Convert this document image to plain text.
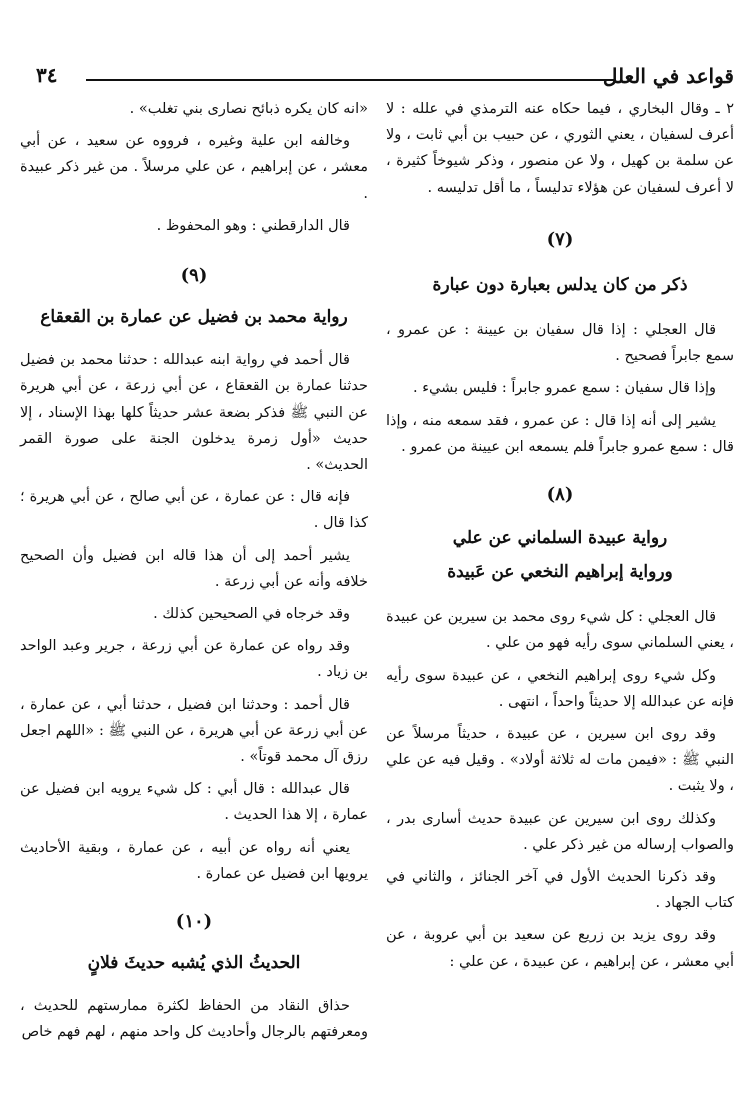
قواعد في العلل
٣٤

٢ ـ وقال البخاري ، فيما حكاه عنه الترمذي في علله : لا أعرف لسفيان ، يعني الثوري ، عن حبيب بن أبي ثابت ، ولا عن سلمة بن كهيل ، ولا عن منصور ، وذكر شيوخاً كثيرة ، لا أعرف لسفيان عن هؤلاء تدليساً ، ما أقل تدليسه .

(٧)

ذكر من كان يدلس بعبارة دون عبارة

قال العجلي : إذا قال سفيان بن عيينة : عن عمرو ، سمع جابراً فصحيح .

وإذا قال سفيان : سمع عمرو جابراً : فليس بشيء .

يشير إلى أنه إذا قال : عن عمرو ، فقد سمعه منه ، وإذا قال : سمع عمرو جابراً فلم يسمعه ابن عيينة من عمرو .

(٨)

رواية عبيدة السلماني عن علي

ورواية إبراهيم النخعي عن عَبيدة

قال العجلي : كل شيء روى محمد بن سيرين عن عبيدة ، يعني السلماني سوى رأيه فهو من علي .

وكل شيء روى إبراهيم النخعي ، عن عبيدة سوى رأيه فإنه عن عبدالله إلا حديثاً واحداً ، انتهى .

وقد روى ابن سيرين ، عن عبيدة ، حديثاً مرسلاً عن النبي ﷺ : «فيمن مات له ثلاثة أولاد» . وقيل فيه عن علي ، ولا يثبت .

وكذلك روى ابن سيرين عن عبيدة حديث أسارى بدر ، والصواب إرساله من غير ذكر علي .

وقد ذكرنا الحديث الأول في آخر الجنائز ، والثاني في كتاب الجهاد .

وقد روى يزيد بن زريع عن سعيد بن أبي عروبة ، عن أبي معشر ، عن إبراهيم ، عن عبيدة ، عن علي :

«انه كان يكره ذبائح نصارى بني تغلب» .

وخالفه ابن علية وغيره ، فرووه عن سعيد ، عن أبي معشر ، عن إبراهيم ، عن علي مرسلاً . من غير ذكر عبيدة .

قال الدارقطني : وهو المحفوظ .

(٩)

رواية محمد بن فضيل عن عمارة بن القعقاع

قال أحمد في رواية ابنه عبدالله : حدثنا محمد بن فضيل حدثنا عمارة بن القعقاع ، عن أبي زرعة ، عن أبي هريرة عن النبي ﷺ فذكر بضعة عشر حديثاً كلها بهذا الإسناد ، إلا حديث «أول زمرة يدخلون الجنة على صورة القمر الحديث» .

فإنه قال : عن عمارة ، عن أبي صالح ، عن أبي هريرة ؛ كذا قال .

يشير أحمد إلى أن هذا قاله ابن فضيل وأن الصحيح خلافه وأنه عن أبي زرعة .

وقد خرجاه في الصحيحين كذلك .

وقد رواه عن عمارة عن أبي زرعة ، جرير وعبد الواحد بن زياد .

قال أحمد : وحدثنا ابن فضيل ، حدثنا أبي ، عن عمارة ، عن أبي زرعة عن أبي هريرة ، عن النبي ﷺ : «اللهم اجعل رزق آل محمد قوتاً» .

قال عبدالله : قال أبي : كل شيء يرويه ابن فضيل عن عمارة ، إلا هذا الحديث .

يعني أنه رواه عن أبيه ، عن عمارة ، وبقية الأحاديث يرويها ابن فضيل عن عمارة .

(١٠)

الحديثُ الذي يُشبه حديثَ فلانٍ

حذاق النقاد من الحفاظ لكثرة ممارستهم للحديث ، ومعرفتهم بالرجال وأحاديث كل واحد منهم ، لهم فهم خاص
